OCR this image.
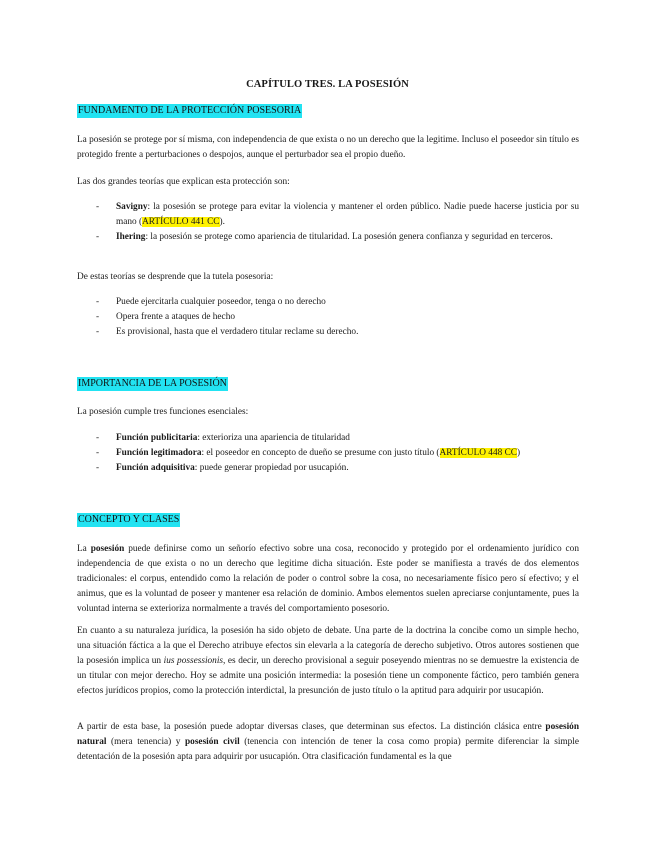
CAPÍTULO TRES. LA POSESIÓN
FUNDAMENTO DE LA PROTECCIÓN POSESORIA

La posesión se protege por sí misma, con independencia de que exista o no un derecho que la legitime. Incluso el poseedor sin título es protegido frente a perturbaciones o despojos, aunque el perturbador sea el propio dueño.

Las dos grandes teorías que explican esta protección son:

- Savigny: la posesión se protege para evitar la violencia y mantener el orden público. Nadie puede hacerse justicia por su mano (ARTÍCULO 441 CC).
- Ihering: la posesión se protege como apariencia de titularidad. La posesión genera confianza y seguridad en terceros.

De estas teorías se desprende que la tutela posesoria:

- Puede ejercitarla cualquier poseedor, tenga o no derecho
- Opera frente a ataques de hecho
- Es provisional, hasta que el verdadero titular reclame su derecho.
IMPORTANCIA DE LA POSESIÓN

La posesión cumple tres funciones esenciales:

- Función publicitaria: exterioriza una apariencia de titularidad
- Función legitimadora: el poseedor en concepto de dueño se presume con justo título (ARTÍCULO 448 CC)
- Función adquisitiva: puede generar propiedad por usucapión.
CONCEPTO Y CLASES

La posesión puede definirse como un señorío efectivo sobre una cosa, reconocido y protegido por el ordenamiento jurídico con independencia de que exista o no un derecho que legitime dicha situación. Este poder se manifiesta a través de dos elementos tradicionales: el corpus, entendido como la relación de poder o control sobre la cosa, no necesariamente físico pero sí efectivo; y el animus, que es la voluntad de poseer y mantener esa relación de dominio. Ambos elementos suelen apreciarse conjuntamente, pues la voluntad interna se exterioriza normalmente a través del comportamiento posesorio.

En cuanto a su naturaleza jurídica, la posesión ha sido objeto de debate. Una parte de la doctrina la concibe como un simple hecho, una situación fáctica a la que el Derecho atribuye efectos sin elevarla a la categoría de derecho subjetivo. Otros autores sostienen que la posesión implica un ius possessionis, es decir, un derecho provisional a seguir poseyendo mientras no se demuestre la existencia de un titular con mejor derecho. Hoy se admite una posición intermedia: la posesión tiene un componente fáctico, pero también genera efectos jurídicos propios, como la protección interdictal, la presunción de justo título o la aptitud para adquirir por usucapión.

A partir de esta base, la posesión puede adoptar diversas clases, que determinan sus efectos. La distinción clásica entre posesión natural (mera tenencia) y posesión civil (tenencia con intención de tener la cosa como propia) permite diferenciar la simple detentación de la posesión apta para adquirir por usucapión. Otra clasificación fundamental es la que
